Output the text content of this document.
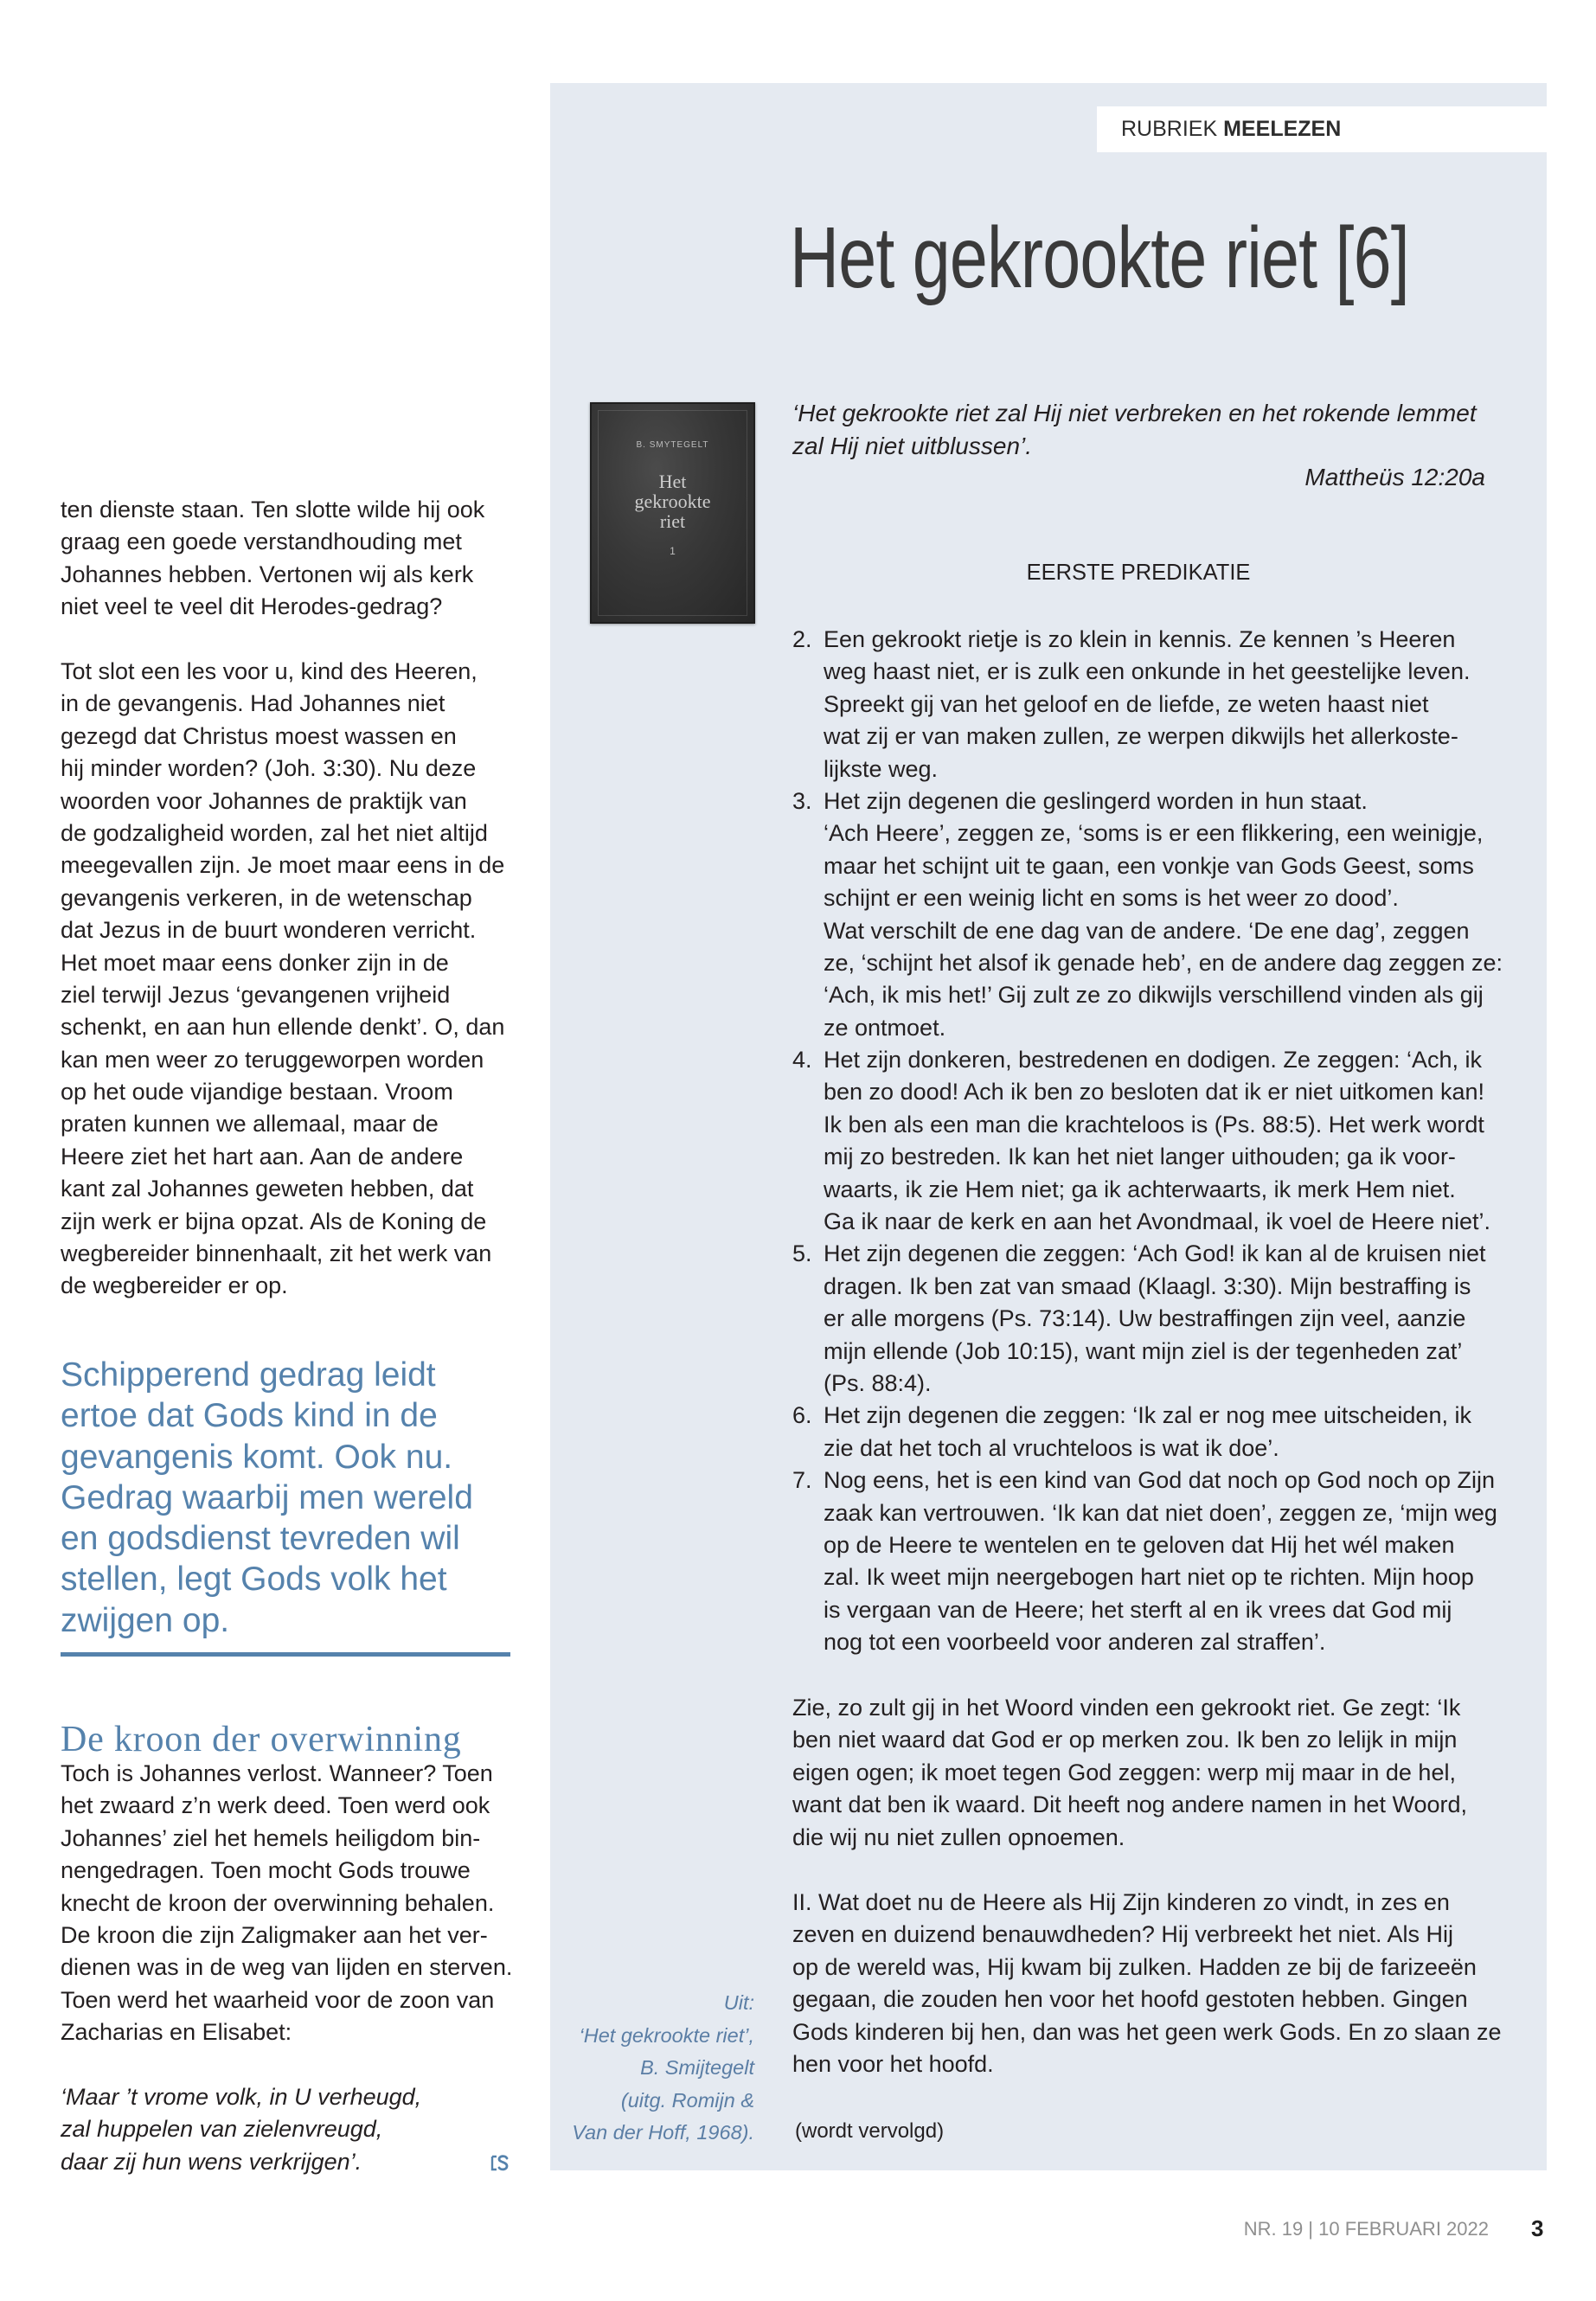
RUBRIEK MEELEZEN
Het gekrookte riet [6]
B. SMYTEGELT
Het
gekrookte
riet
1
Uit:
‘Het gekrookte riet’,
B. Smijtegelt
(uitg. Romijn &
Van der Hoff, 1968).
‘Het gekrookte riet zal Hij niet verbreken en het rokende lemmet
zal Hij niet uitblussen’.
Mattheüs 12:20a
EERSTE PREDIKATIE
2. Een gekrookt rietje is zo klein in kennis. Ze kennen ’s Heeren
weg haast niet, er is zulk een onkunde in het geestelijke leven.
Spreekt gij van het geloof en de liefde, ze weten haast niet
wat zij er van maken zullen, ze werpen dikwijls het allerkoste-
lijkste weg.
3. Het zijn degenen die geslingerd worden in hun staat.
‘Ach Heere’, zeggen ze, ‘soms is er een flikkering, een weinigje,
maar het schijnt uit te gaan, een vonkje van Gods Geest, soms
schijnt er een weinig licht en soms is het weer zo dood’.
Wat verschilt de ene dag van de andere. ‘De ene dag’, zeggen
ze, ‘schijnt het alsof ik genade heb’, en de andere dag zeggen ze:
‘Ach, ik mis het!’ Gij zult ze zo dikwijls verschillend vinden als gij
ze ontmoet.
4. Het zijn donkeren, bestredenen en dodigen. Ze zeggen: ‘Ach, ik
ben zo dood! Ach ik ben zo besloten dat ik er niet uitkomen kan!
Ik ben als een man die krachteloos is (Ps. 88:5). Het werk wordt
mij zo bestreden. Ik kan het niet langer uithouden; ga ik voor-
waarts, ik zie Hem niet; ga ik achterwaarts, ik merk Hem niet.
Ga ik naar de kerk en aan het Avondmaal, ik voel de Heere niet’.
5. Het zijn degenen die zeggen: ‘Ach God! ik kan al de kruisen niet
dragen. Ik ben zat van smaad (Klaagl. 3:30). Mijn bestraffing is
er alle morgens (Ps. 73:14). Uw bestraffingen zijn veel, aanzie
mijn ellende (Job 10:15), want mijn ziel is der tegenheden zat’
(Ps. 88:4).
6. Het zijn degenen die zeggen: ‘Ik zal er nog mee uitscheiden, ik
zie dat het toch al vruchteloos is wat ik doe’.
7. Nog eens, het is een kind van God dat noch op God noch op Zijn
zaak kan vertrouwen. ‘Ik kan dat niet doen’, zeggen ze, ‘mijn weg
op de Heere te wentelen en te geloven dat Hij het wél maken
zal. Ik weet mijn neergebogen hart niet op te richten. Mijn hoop
is vergaan van de Heere; het sterft al en ik vrees dat God mij
nog tot een voorbeeld voor anderen zal straffen’.
Zie, zo zult gij in het Woord vinden een gekrookt riet. Ge zegt: ‘Ik
ben niet waard dat God er op merken zou. Ik ben zo lelijk in mijn
eigen ogen; ik moet tegen God zeggen: werp mij maar in de hel,
want dat ben ik waard. Dit heeft nog andere namen in het Woord,
die wij nu niet zullen opnoemen.
II. Wat doet nu de Heere als Hij Zijn kinderen zo vindt, in zes en
zeven en duizend benauwdheden? Hij verbreekt het niet. Als Hij
op de wereld was, Hij kwam bij zulken. Hadden ze bij de farizeeën
gegaan, die zouden hen voor het hoofd gestoten hebben. Gingen
Gods kinderen bij hen, dan was het geen werk Gods. En zo slaan ze
hen voor het hoofd.
(wordt vervolgd)
ten dienste staan. Ten slotte wilde hij ook
graag een goede verstandhouding met
Johannes hebben. Vertonen wij als kerk
niet veel te veel dit Herodes-gedrag?
Tot slot een les voor u, kind des Heeren,
in de gevangenis. Had Johannes niet
gezegd dat Christus moest wassen en
hij minder worden? (Joh. 3:30). Nu deze
woorden voor Johannes de praktijk van
de godzaligheid worden, zal het niet altijd
meegevallen zijn. Je moet maar eens in de
gevangenis verkeren, in de wetenschap
dat Jezus in de buurt wonderen verricht.
Het moet maar eens donker zijn in de
ziel terwijl Jezus ‘gevangenen vrijheid
schenkt, en aan hun ellende denkt’. O, dan
kan men weer zo teruggeworpen worden
op het oude vijandige bestaan. Vroom
praten kunnen we allemaal, maar de
Heere ziet het hart aan. Aan de andere
kant zal Johannes geweten hebben, dat
zijn werk er bijna opzat. Als de Koning de
wegbereider binnenhaalt, zit het werk van
de wegbereider er op.
Schipperend gedrag leidt
ertoe dat Gods kind in de
gevangenis komt. Ook nu.
Gedrag waarbij men wereld
en godsdienst tevreden wil
stellen, legt Gods volk het
zwijgen op.
De kroon der overwinning
Toch is Johannes verlost. Wanneer? Toen
het zwaard z’n werk deed. Toen werd ook
Johannes’ ziel het hemels heiligdom bin-
nengedragen. Toen mocht Gods trouwe
knecht de kroon der overwinning behalen.
De kroon die zijn Zaligmaker aan het ver-
dienen was in de weg van lijden en sterven.
Toen werd het waarheid voor de zoon van
Zacharias en Elisabet:
‘Maar ’t vrome volk, in U verheugd,
zal huppelen van zielenvreugd,
daar zij hun wens verkrijgen’.
NR. 19 | 10 FEBRUARI 2022 3
